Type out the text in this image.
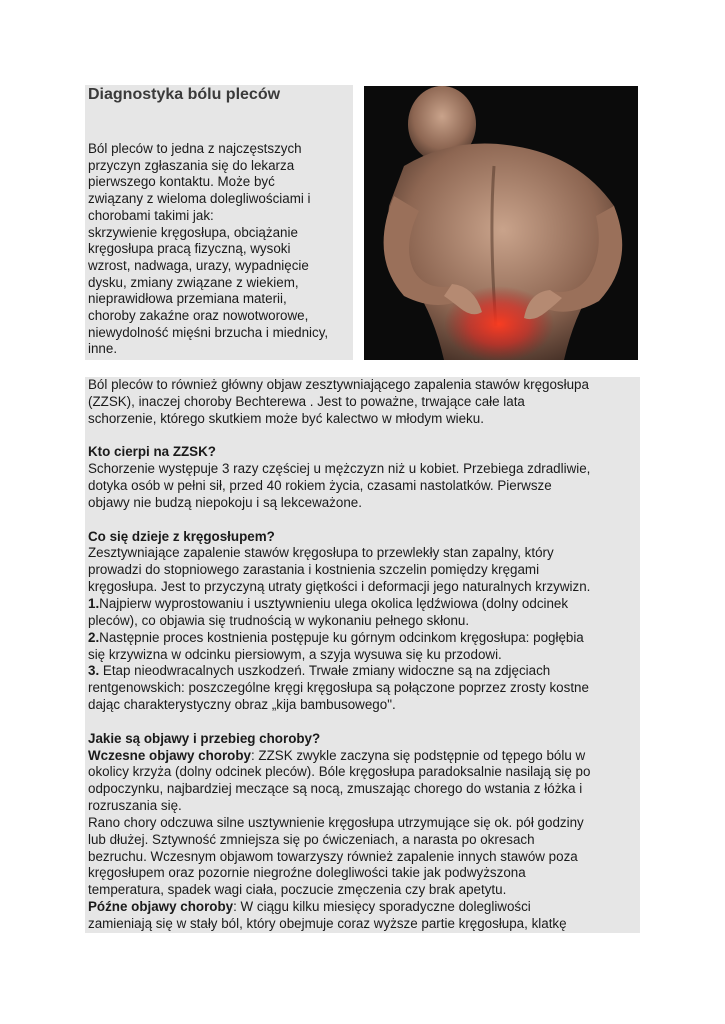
Diagnostyka bólu pleców
Ból pleców to jedna z najczęstszych
przyczyn zgłaszania się do lekarza
pierwszego kontaktu. Może być
związany z wieloma dolegliwościami i
chorobami takimi jak:
skrzywienie kręgosłupa, obciążanie
kręgosłupa pracą fizyczną, wysoki
wzrost, nadwaga, urazy, wypadnięcie
dysku, zmiany związane z wiekiem,
nieprawidłowa przemiana materii,
choroby zakaźne oraz nowotworowe,
niewydolność mięśni brzucha i miednicy,
inne.

Ból pleców to również główny objaw zesztywniającego zapalenia stawów kręgosłupa

(ZZSK), inaczej choroby Bechterewa . Jest to poważne, trwające całe lata

schorzenie, którego skutkiem może być kalectwo w młodym wieku.

Kto cierpi na ZZSK?

Schorzenie występuje 3 razy częściej u mężczyzn niż u kobiet. Przebiega zdradliwie,

dotyka osób w pełni sił, przed 40 rokiem życia, czasami nastolatków. Pierwsze

objawy nie budzą niepokoju i są lekceważone.

Co się dzieje z kręgosłupem?

Zesztywniające zapalenie stawów kręgosłupa to przewlekły stan zapalny, który

prowadzi do stopniowego zarastania i kostnienia szczelin pomiędzy kręgami

kręgosłupa. Jest to przyczyną utraty giętkości i deformacji jego naturalnych krzywizn.

1.Najpierw wyprostowaniu i usztywnieniu ulega okolica lędźwiowa (dolny odcinek

pleców), co objawia się trudnością w wykonaniu pełnego skłonu.

2.Następnie proces kostnienia postępuje ku górnym odcinkom kręgosłupa: pogłębia

się krzywizna w odcinku piersiowym, a szyja wysuwa się ku przodowi.

3. Etap nieodwracalnych uszkodzeń. Trwałe zmiany widoczne są na zdjęciach

rentgenowskich: poszczególne kręgi kręgosłupa są połączone poprzez zrosty kostne

dając charakterystyczny obraz „kija bambusowego".

Jakie są objawy i przebieg choroby?

Wczesne objawy choroby: ZZSK zwykle zaczyna się podstępnie od tępego bólu w

okolicy krzyża (dolny odcinek pleców). Bóle kręgosłupa paradoksalnie nasilają się po

odpoczynku, najbardziej meczące są nocą, zmuszając chorego do wstania z łóżka i

rozruszania się.

Rano chory odczuwa silne usztywnienie kręgosłupa utrzymujące się ok. pół godziny

lub dłużej. Sztywność zmniejsza się po ćwiczeniach, a narasta po okresach

bezruchu. Wczesnym objawom towarzyszy również zapalenie innych stawów poza

kręgosłupem oraz pozornie niegroźne dolegliwości takie jak podwyższona

temperatura, spadek wagi ciała, poczucie zmęczenia czy brak apetytu.

Późne objawy choroby: W ciągu kilku miesięcy sporadyczne dolegliwości

zamieniają się w stały ból, który obejmuje coraz wyższe partie kręgosłupa, klatkę
